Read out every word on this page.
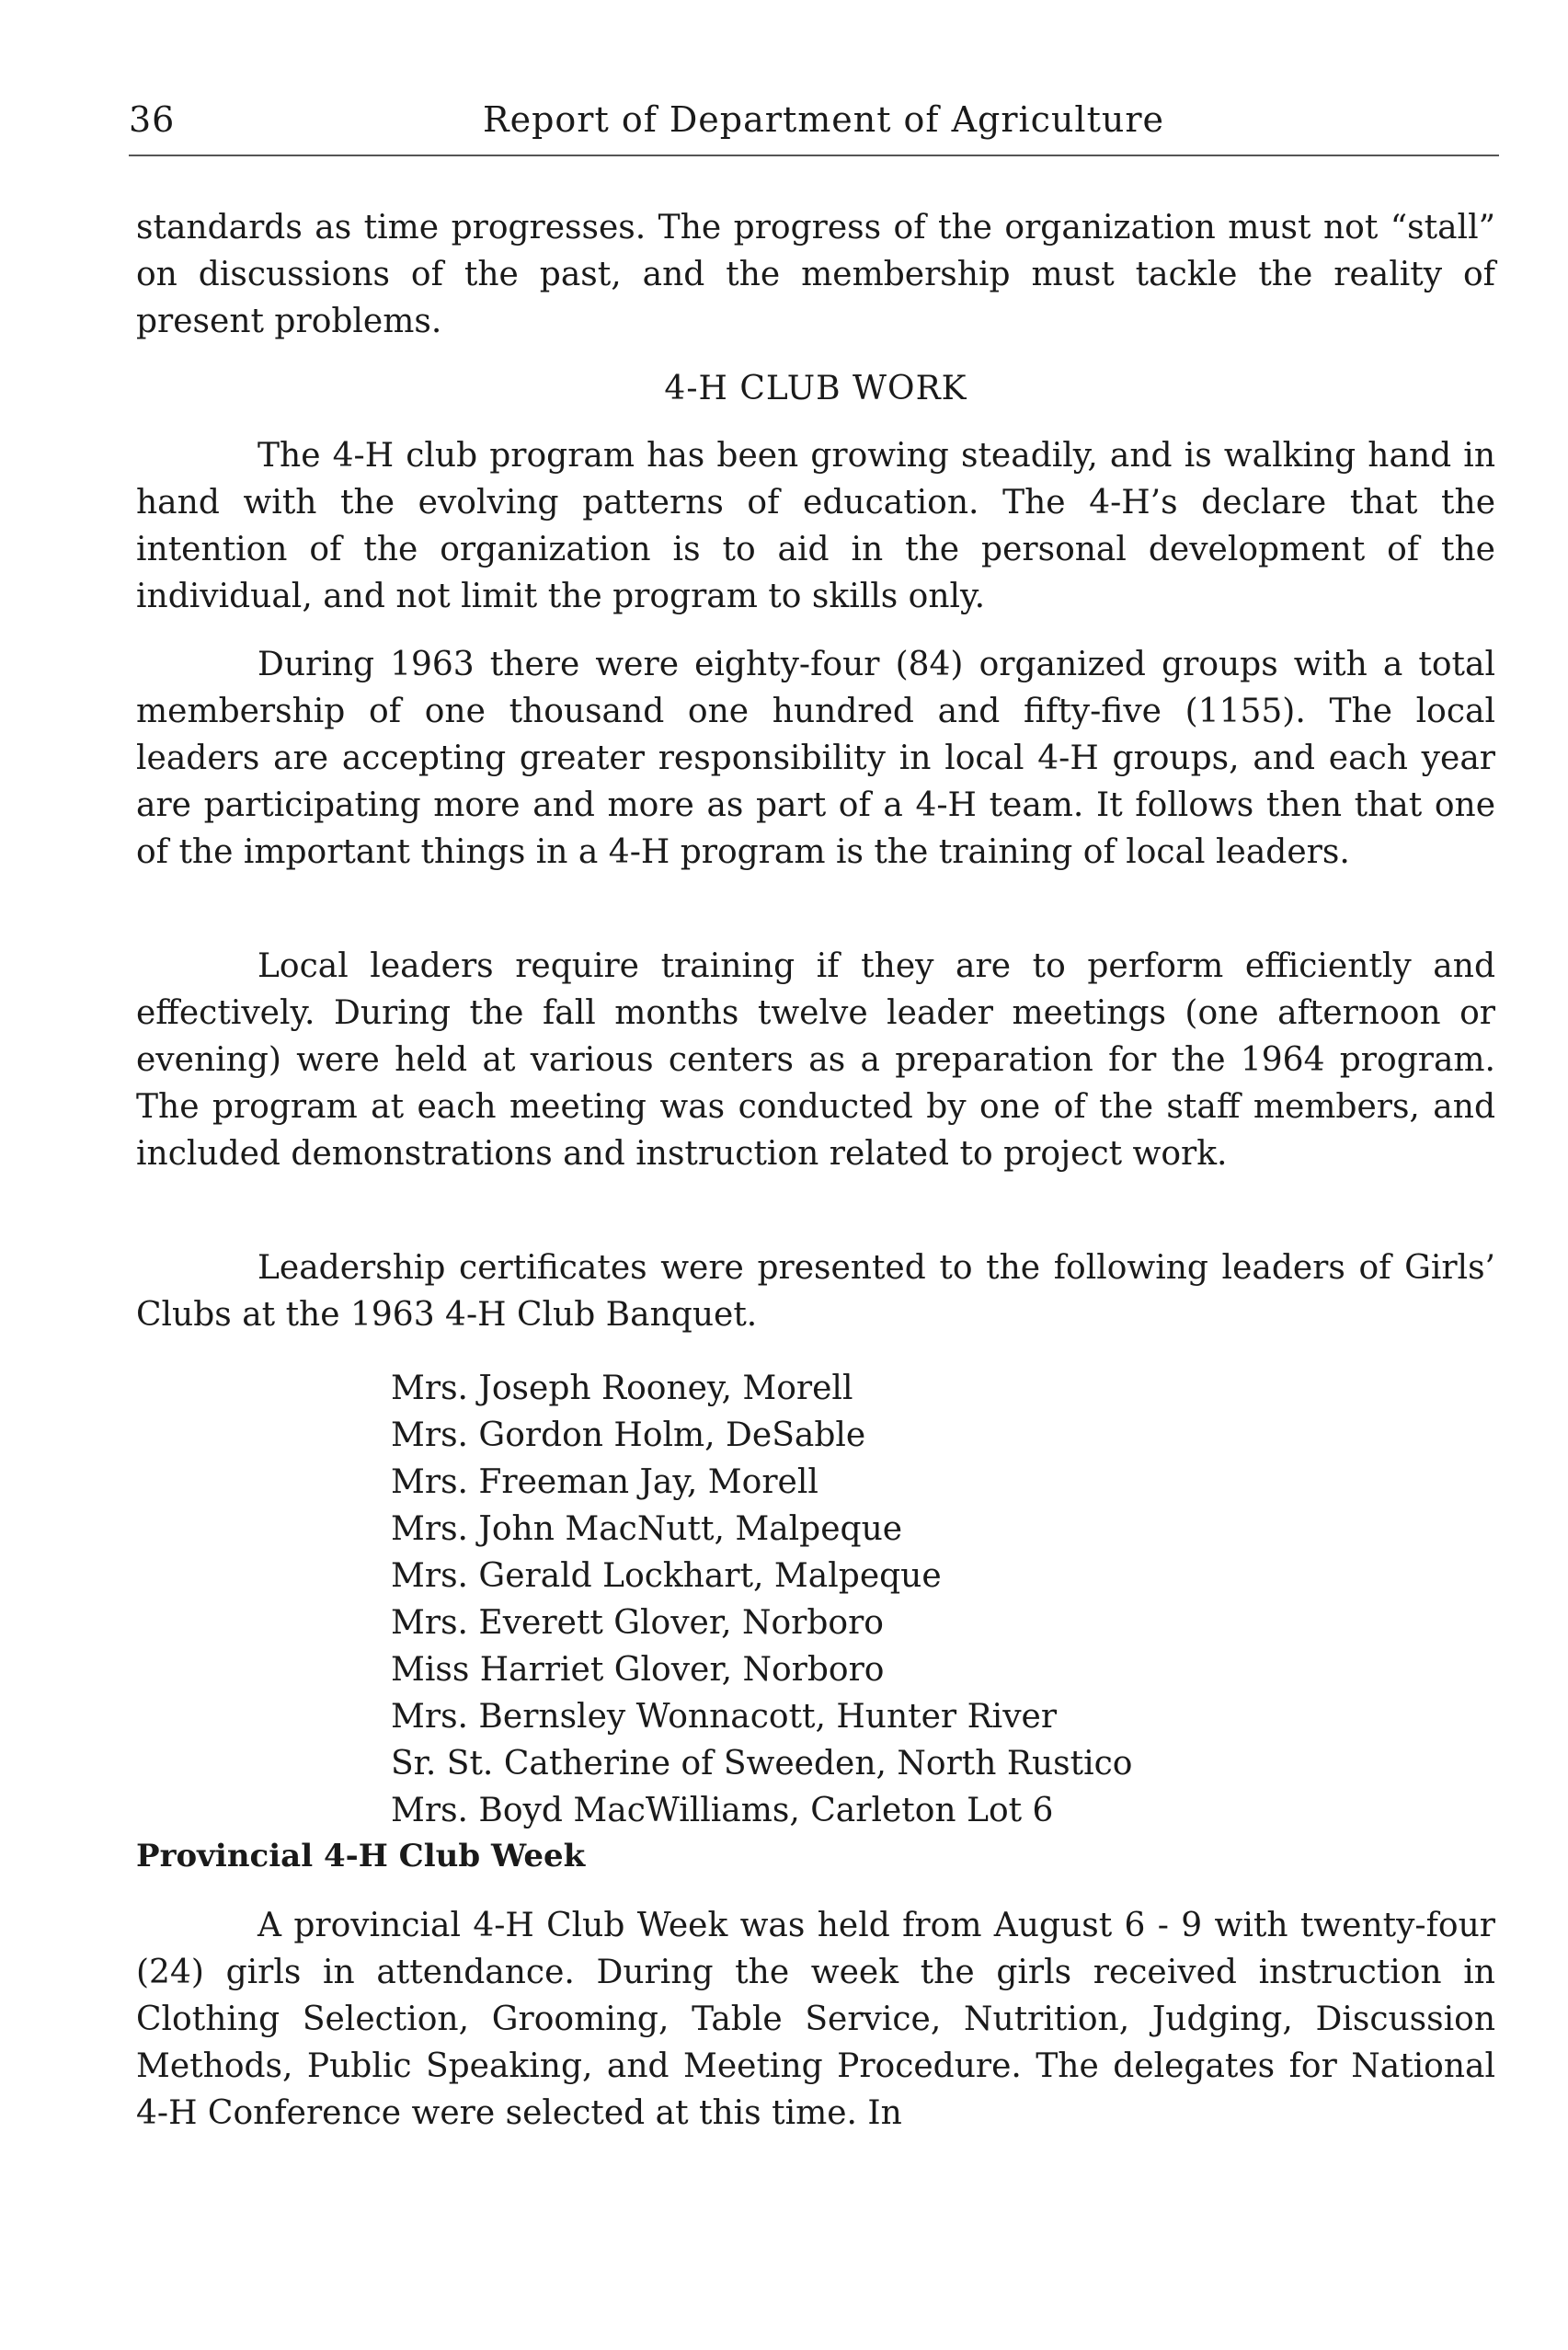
36	Report of Department of Agriculture

standards as time progresses. The progress of the organization must not “stall” on discussions of the past, and the membership must tackle the reality of present problems.

4-H CLUB WORK

The 4-H club program has been growing steadily, and is walking hand in hand with the evolving patterns of education. The 4-H’s declare that the intention of the organization is to aid in the personal development of the individual, and not limit the program to skills only.

During 1963 there were eighty-four (84) organized groups with a total membership of one thousand one hundred and fifty-five (1155). The local leaders are accepting greater responsibility in local 4-H groups, and each year are participating more and more as part of a 4-H team. It follows then that one of the important things in a 4-H program is the training of local leaders.

Local leaders require training if they are to perform efficiently and effectively. During the fall months twelve leader meetings (one afternoon or evening) were held at various centers as a preparation for the 1964 program. The program at each meeting was conducted by one of the staff members, and included demonstrations and instruction related to project work.

Leadership certificates were presented to the following leaders of Girls’ Clubs at the 1963 4-H Club Banquet.

Mrs. Joseph Rooney, Morell
Mrs. Gordon Holm, DeSable
Mrs. Freeman Jay, Morell
Mrs. John MacNutt, Malpeque
Mrs. Gerald Lockhart, Malpeque
Mrs. Everett Glover, Norboro
Miss Harriet Glover, Norboro
Mrs. Bernsley Wonnacott, Hunter River
Sr. St. Catherine of Sweeden, North Rustico
Mrs. Boyd MacWilliams, Carleton Lot 6
Provincial 4-H Club Week

A provincial 4-H Club Week was held from August 6 - 9 with twenty-four (24) girls in attendance. During the week the girls received instruction in Clothing Selection, Grooming, Table Service, Nutrition, Judging, Discussion Methods, Public Speaking, and Meeting Procedure. The delegates for National 4-H Conference were selected at this time. In
